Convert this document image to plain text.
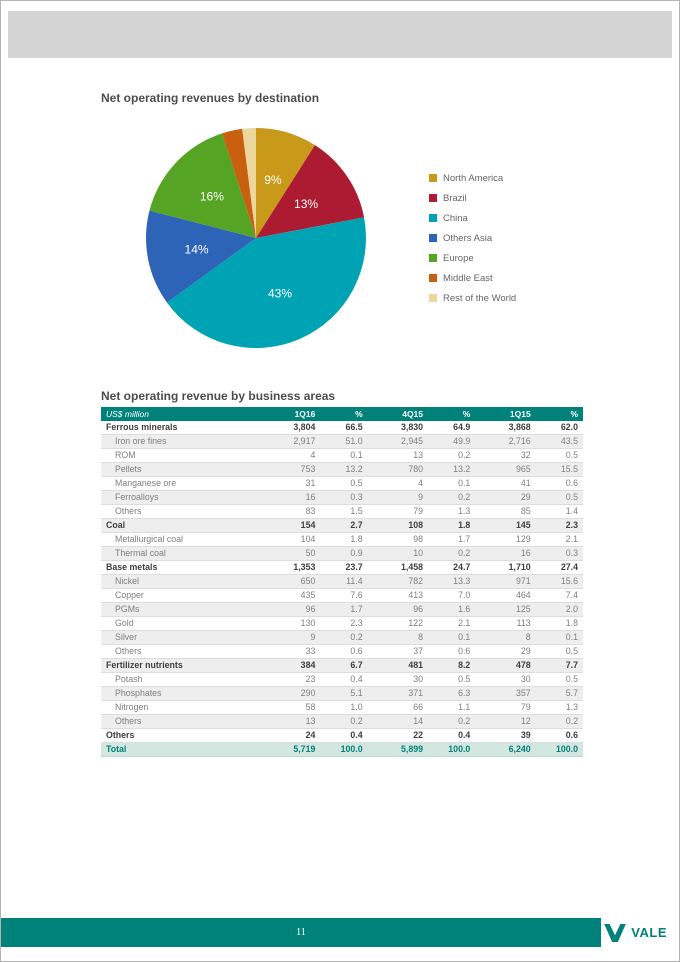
Net operating revenues by destination
9%
13%
43%
14%
16%
North America
Brazil
China
Others Asia
Europe
Middle East
Rest of the World
Net operating revenue by business areas
US$ million	1Q16	%	4Q15	%	1Q15	%
Ferrous minerals	3,804	66.5	3,830	64.9	3,868	62.0
Iron ore fines	2,917	51.0	2,945	49.9	2,716	43.5
ROM	4	0.1	13	0.2	32	0.5
Pellets	753	13.2	780	13.2	965	15.5
Manganese ore	31	0.5	4	0.1	41	0.6
Ferroalloys	16	0.3	9	0.2	29	0.5
Others	83	1.5	79	1.3	85	1.4
Coal	154	2.7	108	1.8	145	2.3
Metallurgical coal	104	1.8	98	1.7	129	2.1
Thermal coal	50	0.9	10	0.2	16	0.3
Base metals	1,353	23.7	1,458	24.7	1,710	27.4
Nickel	650	11.4	782	13.3	971	15.6
Copper	435	7.6	413	7.0	464	7.4
PGMs	96	1.7	96	1.6	125	2.0
Gold	130	2.3	122	2.1	113	1.8
Silver	9	0.2	8	0.1	8	0.1
Others	33	0.6	37	0.6	29	0.5
Fertilizer nutrients	384	6.7	481	8.2	478	7.7
Potash	23	0.4	30	0.5	30	0.5
Phosphates	290	5.1	371	6.3	357	5.7
Nitrogen	58	1.0	66	1.1	79	1.3
Others	13	0.2	14	0.2	12	0.2
Others	24	0.4	22	0.4	39	0.6
Total	5,719	100.0	5,899	100.0	6,240	100.0
11	VALE
